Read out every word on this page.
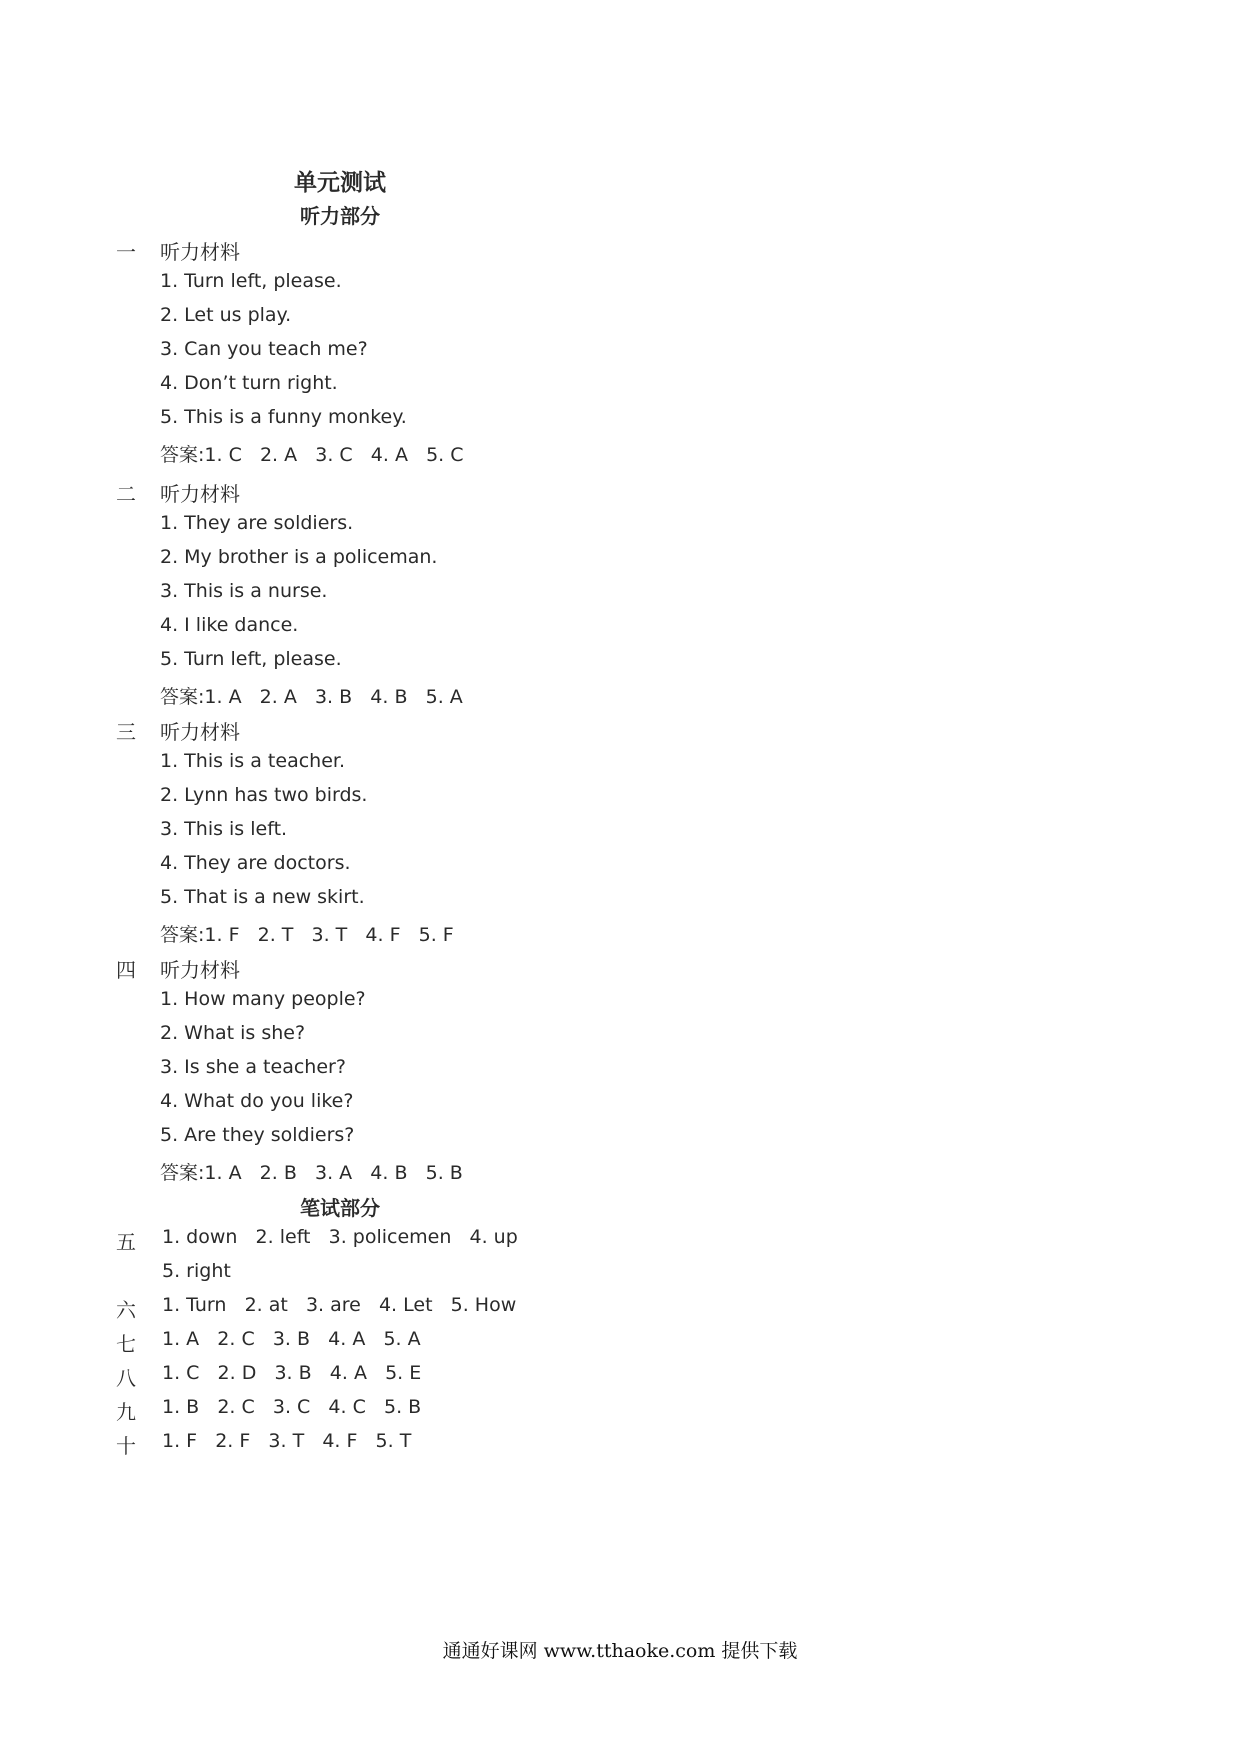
单元测试
听力部分
一 听力材料
1. Turn left, please.
2. Let us play.
3. Can you teach me?
4. Don’t turn right.
5. This is a funny monkey.
答案:1. C   2. A   3. C   4. A   5. C
二 听力材料
1. They are soldiers.
2. My brother is a policeman.
3. This is a nurse.
4. I like dance.
5. Turn left, please.
答案:1. A   2. A   3. B   4. B   5. A
三 听力材料
1. This is a teacher.
2. Lynn has two birds.
3. This is left.
4. They are doctors.
5. That is a new skirt.
答案:1. F   2. T   3. T   4. F   5. F
四 听力材料
1. How many people?
2. What is she?
3. Is she a teacher?
4. What do you like?
5. Are they soldiers?
答案:1. A   2. B   3. A   4. B   5. B
笔试部分
五 1. down   2. left   3. policemen   4. up
5. right
六 1. Turn   2. at   3. are   4. Let   5. How
七 1. A   2. C   3. B   4. A   5. A
八 1. C   2. D   3. B   4. A   5. E
九 1. B   2. C   3. C   4. C   5. B
十 1. F   2. F   3. T   4. F   5. T
通通好课网 www.tthaoke.com 提供下载
